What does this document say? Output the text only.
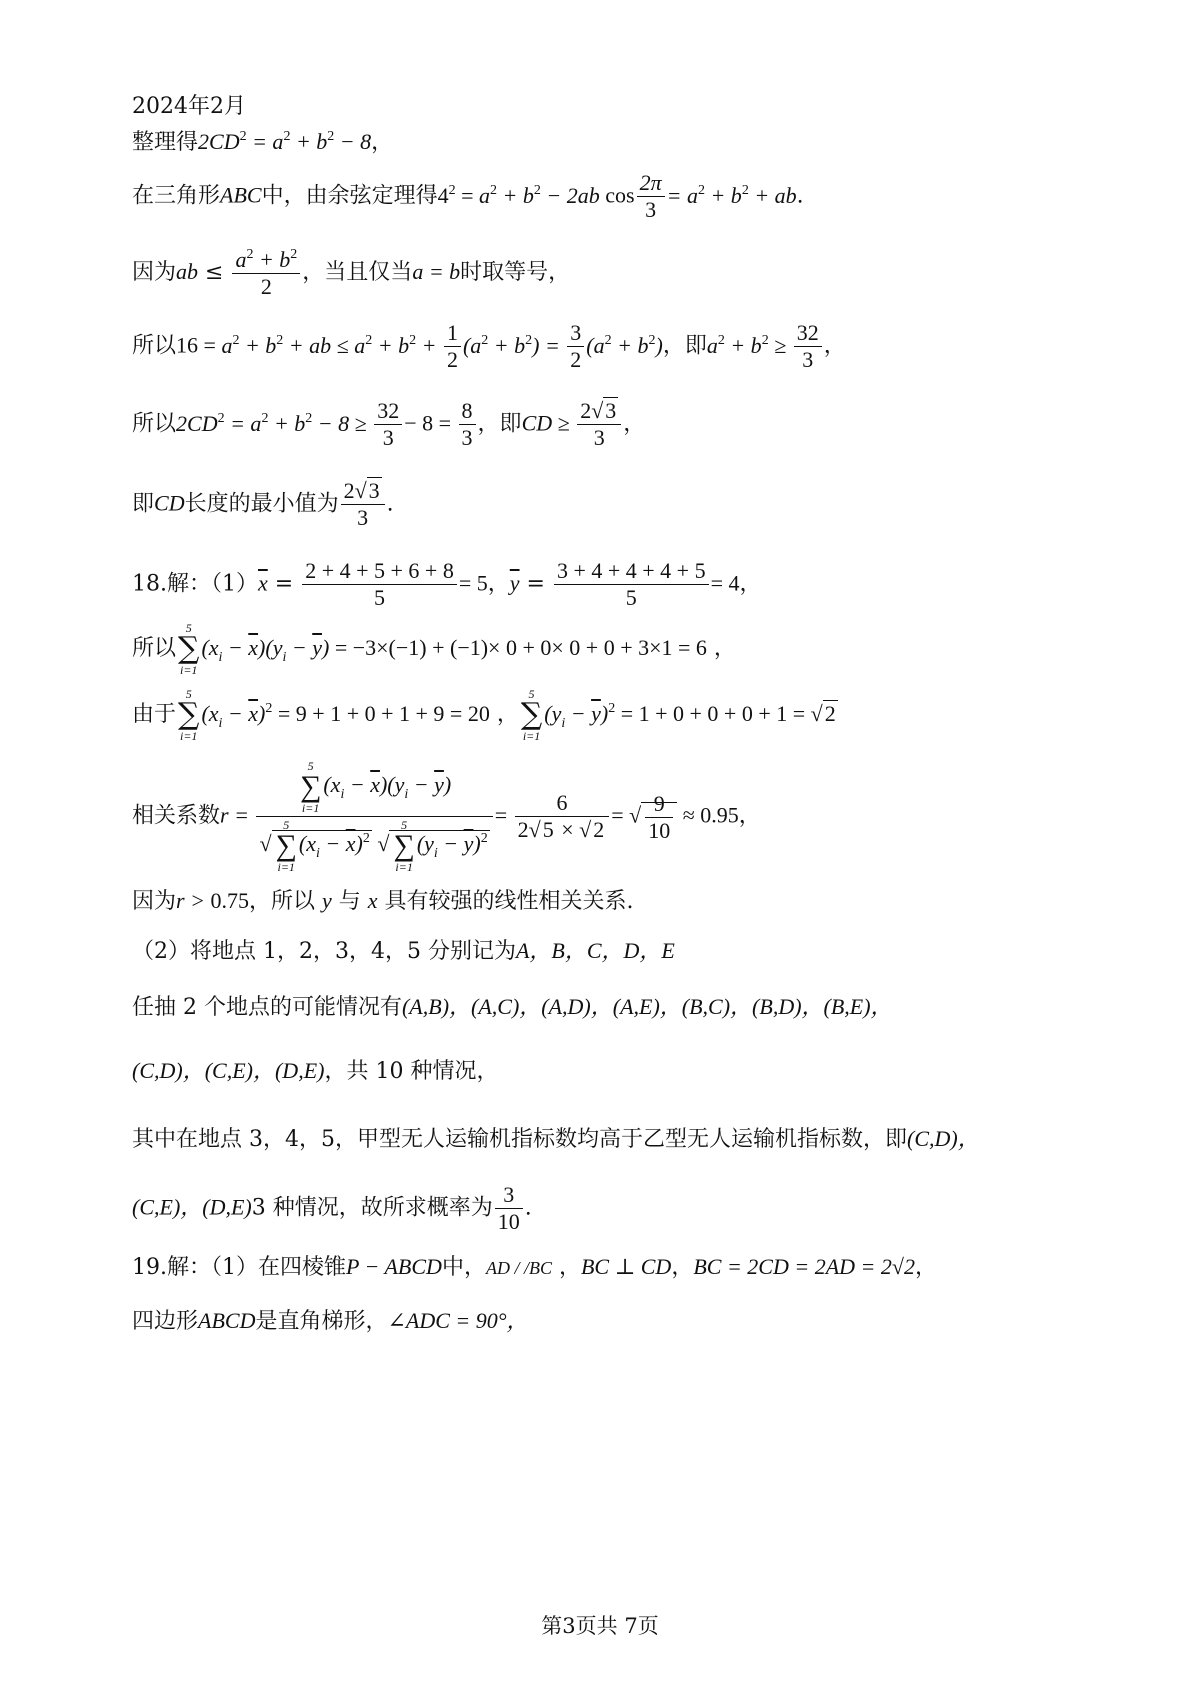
2024年2月
整理得$2CD^2 = a^2 + b^2 - 8$，
在三角形ABC中，由余弦定理得$4^2 = a^2 + b^2 - 2ab$ $\cos \frac{2\pi}{3} = a^2 + b^2$ + ab.
因为ab ≤ $\frac{a^2 + b^2}{2}$ ，当且仅当a = b时取等号，
所以$16 = a^2 + b^2$ + ab ≤ $a^2 + b^2 + \frac{1}{2} (a^2 + b^2) = \frac{3}{2} (a^2 + b^2)$，即$a^2 + b^2 \ge \frac{32}{3}$ ，
所以$2CD^2 = a^2 + b^2 - 8 \ge \frac{32}{3} - 8 = \frac{8}{3}$ ，即CD ≥ $\frac{2√3}{3}$ ，
即CD长度的最小值为 $\frac{2√3}{3}$ .
18.解：$(1)\overline{x} = \frac{2 + 4 + 5 + 6 + 8}{5} = 5$，$\overline{y} = \frac{3 + 4 + 4 + 4 + 5}{5} = 4$，
所以
5
∑
i=1
$(x_i - \overline{x})(y_i - \overline{y}) = -3\times(-1) + (-1)\times 0 + 0\times 0 + 0 + 3\times 1 = 6$ ，
由于
5
∑
i=1
$(x_i - \overline{x})^2 = 9 + 1 + 0 + 1 + 9 = 20$ ，
5
∑
i=1
$(y_i - \overline{y})^2 = 1 + 0 + 0 + 0 + 1 = √2$
相关系数r = 5
∑
i=1
$(x_i - \overline{x})(y_i - \overline{y})$
√
5
∑
i=1
$(x_i - \overline{x})^2$ √
5
∑
i=1
$(y_i - \overline{y})^2 = \frac{6}{2√5 \times √2}$ = √ $\frac{9}{10} \approx 0.95$，
因为r > 0.75，所以 y 与 x 具有较强的线性相关关系.
（2）将地点 1，2，3，4，5 分别记为A，B，C，D，E
任抽 2 个地点的可能情况有(A,B)，(A,C)，(A,D)，(A,E)，(B,C)，(B,D)，(B,E)，
(C,D)，(C,E)，(D,E)，共 10 种情况，
其中在地点 3，4，5，甲型无人运输机指标数均高于乙型无人运输机指标数，即(C,D)，
(C,E)，(D,E)3 种情况，故所求概率为 $\frac{3}{10}$ .
19.解：（1）在四棱锥P − ABCD中，AD / /BC ，BC ⊥ CD，BC = 2CD = 2AD = 2√2，
四边形ABCD是直角梯形，∠ADC = 90°，
第3页共 7页
